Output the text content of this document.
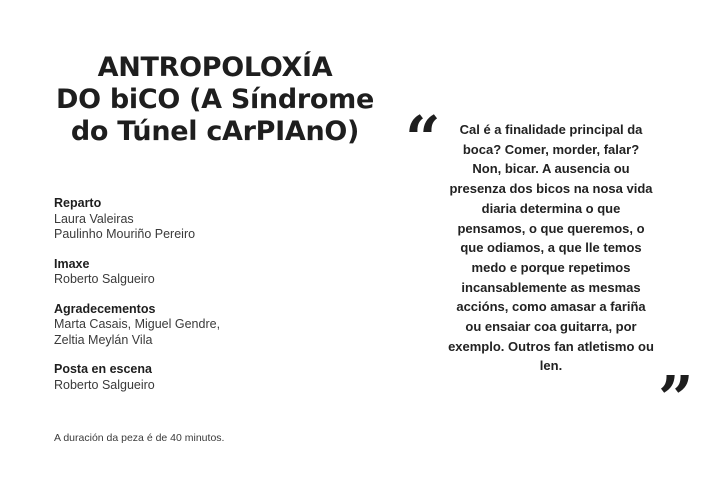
ANTROPOLOXÍA
DO biCO (A Síndrome
do Túnel cArPIAnO)
Reparto
Laura Valeiras
Paulinho Mouriño Pereiro
Imaxe
Roberto Salgueiro
Agradecementos
Marta Casais, Miguel Gendre,
Zeltia Meylán Vila
Posta en escena
Roberto Salgueiro
A duración da peza é de 40 minutos.
“	Cal é a finalidade principal da boca? Comer, morder, falar? Non, bicar. A ausencia ou presenza dos bicos na nosa vida diaria determina o que pensamos, o que queremos, o que odiamos, a que lle temos medo e porque repetimos incansablemente as mesmas accións, como amasar a fariña ou ensaiar coa guitarra, por exemplo. Outros fan atletismo ou len.	”
